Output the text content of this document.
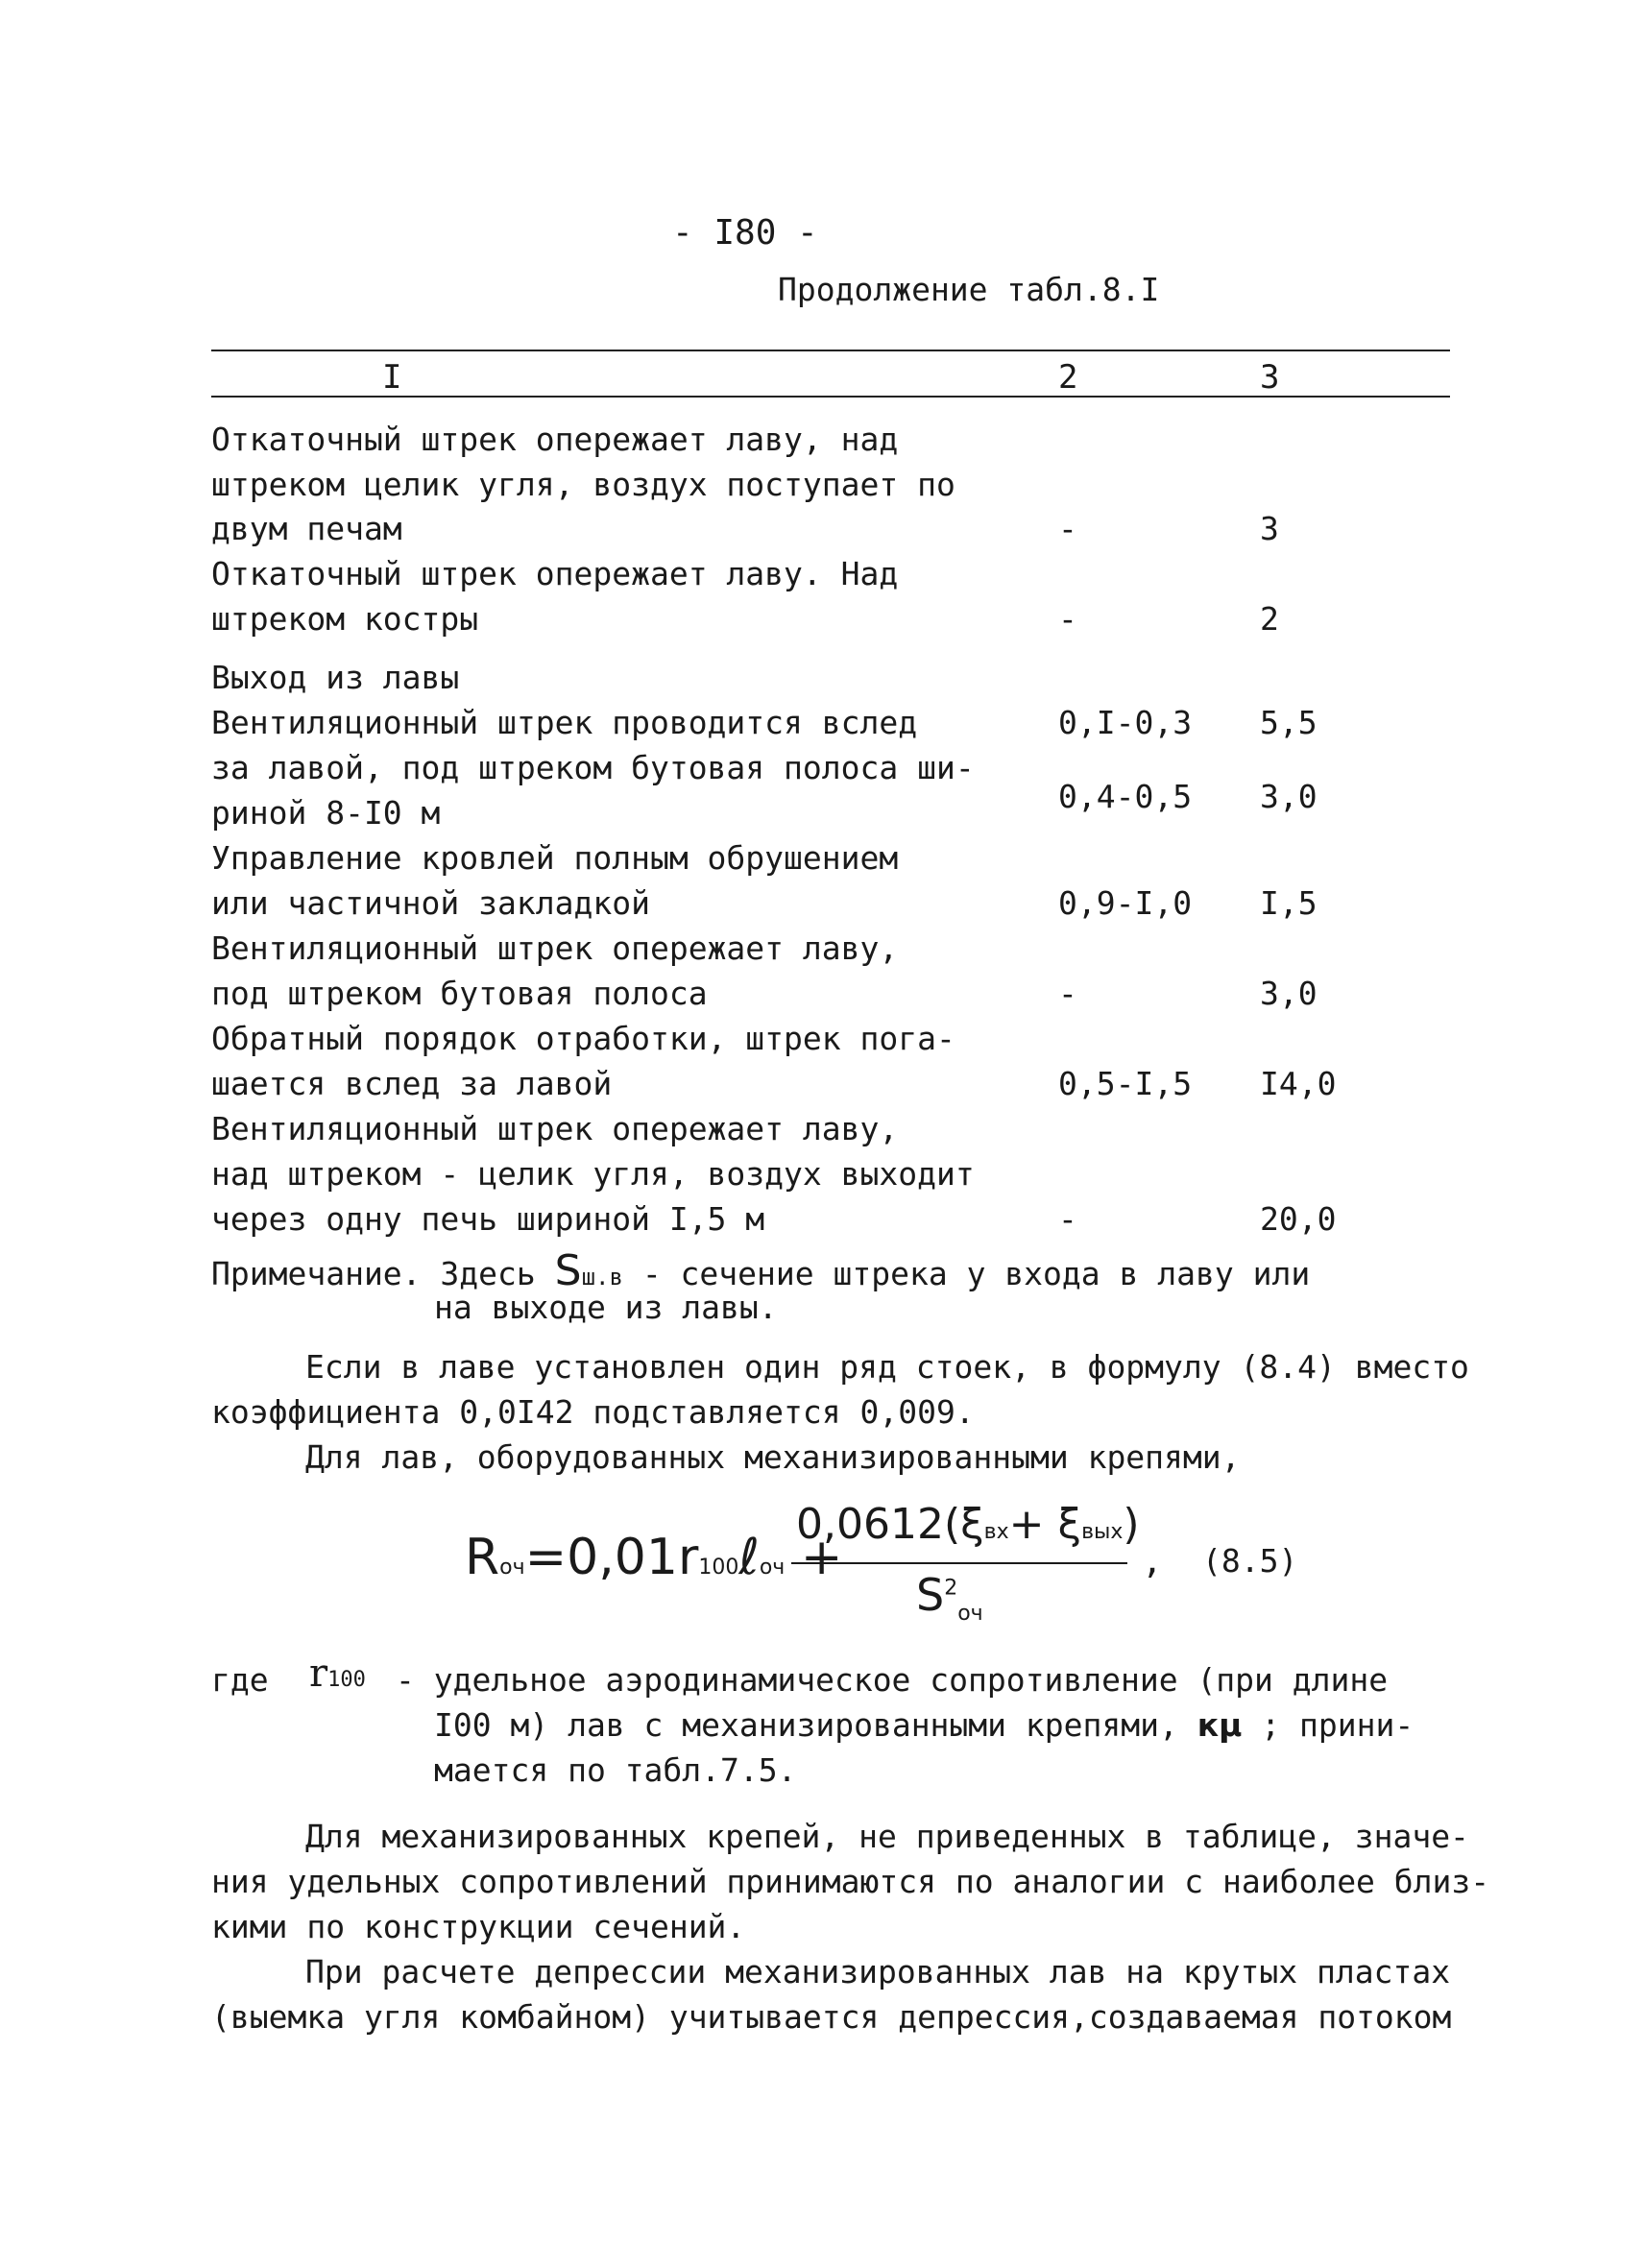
- I80 -
Продолжение табл.8.I
I	2	3
Откаточный штрек опережает лаву, над
штреком целик угля, воздух поступает по
двум печам	-	3
Откаточный штрек опережает лаву. Над
штреком костры	-	2
Выход из лавы
Вентиляционный штрек проводится вслед	0,I-0,3 5,5
за лавой, под штреком бутовая полоса ши-
риной 8-I0 м	0,4-0,5 3,0
Управление кровлей полным обрушением
или частичной закладкой	0,9-I,0 I,5
Вентиляционный штрек опережает лаву,
под штреком бутовая полоса	-	3,0
Обратный порядок отработки, штрек пога-
шается вслед за лавой	0,5-I,5 I4,0
Вентиляционный штрек опережает лаву,
над штреком - целик угля, воздух выходит
через одну печь шириной I,5 м	-	20,0
Примечание. Здесь Sш.в - сечение штрека у входа в лаву или
на выходе из лавы.
Если в лаве установлен один ряд стоек, в формулу (8.4) вместо
коэффициента 0,0I42 подставляется 0,009.
Для лав, оборудованных механизированными крепями,
Rоч=0,01r100ℓоч +
0,0612(ξвх+ ξвых)
$S^2_{оч}$
, (8.5)
где r100 - удельное аэродинамическое сопротивление (при длине
I00 м) лав с механизированными крепями, кμ ; прини-
мается по табл.7.5.
Для механизированных крепей, не приведенных в таблице, значе-
ния удельных сопротивлений принимаются по аналогии с наиболее близ-
кими по конструкции сечений.
При расчете депрессии механизированных лав на крутых пластах
(выемка угля комбайном) учитывается депрессия,создаваемая потоком
